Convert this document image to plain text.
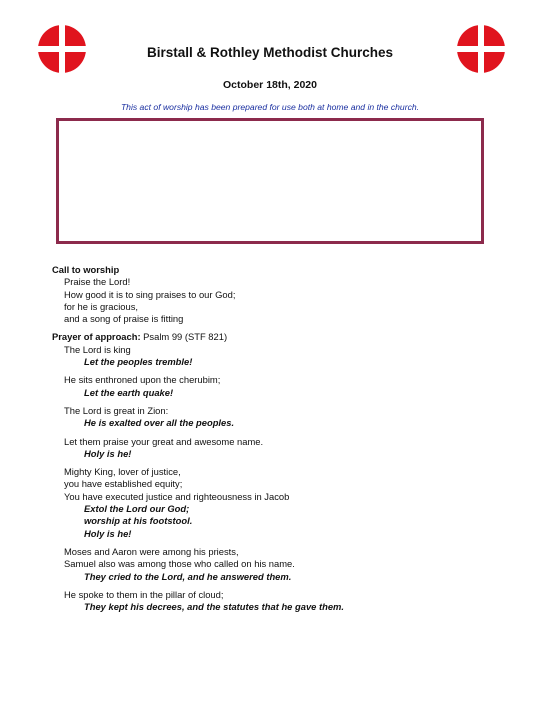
Birstall & Rothley Methodist Churches
October 18th, 2020
This act of worship has been prepared for use both at home and in the church.
Call to worship
Praise the Lord!
How good it is to sing praises to our God;
for he is gracious,
and a song of praise is fitting
Prayer of approach: Psalm 99 (STF 821)
The Lord is king
Let the peoples tremble!
He sits enthroned upon the cherubim;
Let the earth quake!
The Lord is great in Zion:
He is exalted over all the peoples.
Let them praise your great and awesome name.
Holy is he!
Mighty King, lover of justice,
you have established equity;
You have executed justice and righteousness in Jacob
Extol the Lord our God;
worship at his footstool.
Holy is he!
Moses and Aaron were among his priests,
Samuel also was among those who called on his name.
They cried to the Lord, and he answered them.
He spoke to them in the pillar of cloud;
They kept his decrees, and the statutes that he gave them.
